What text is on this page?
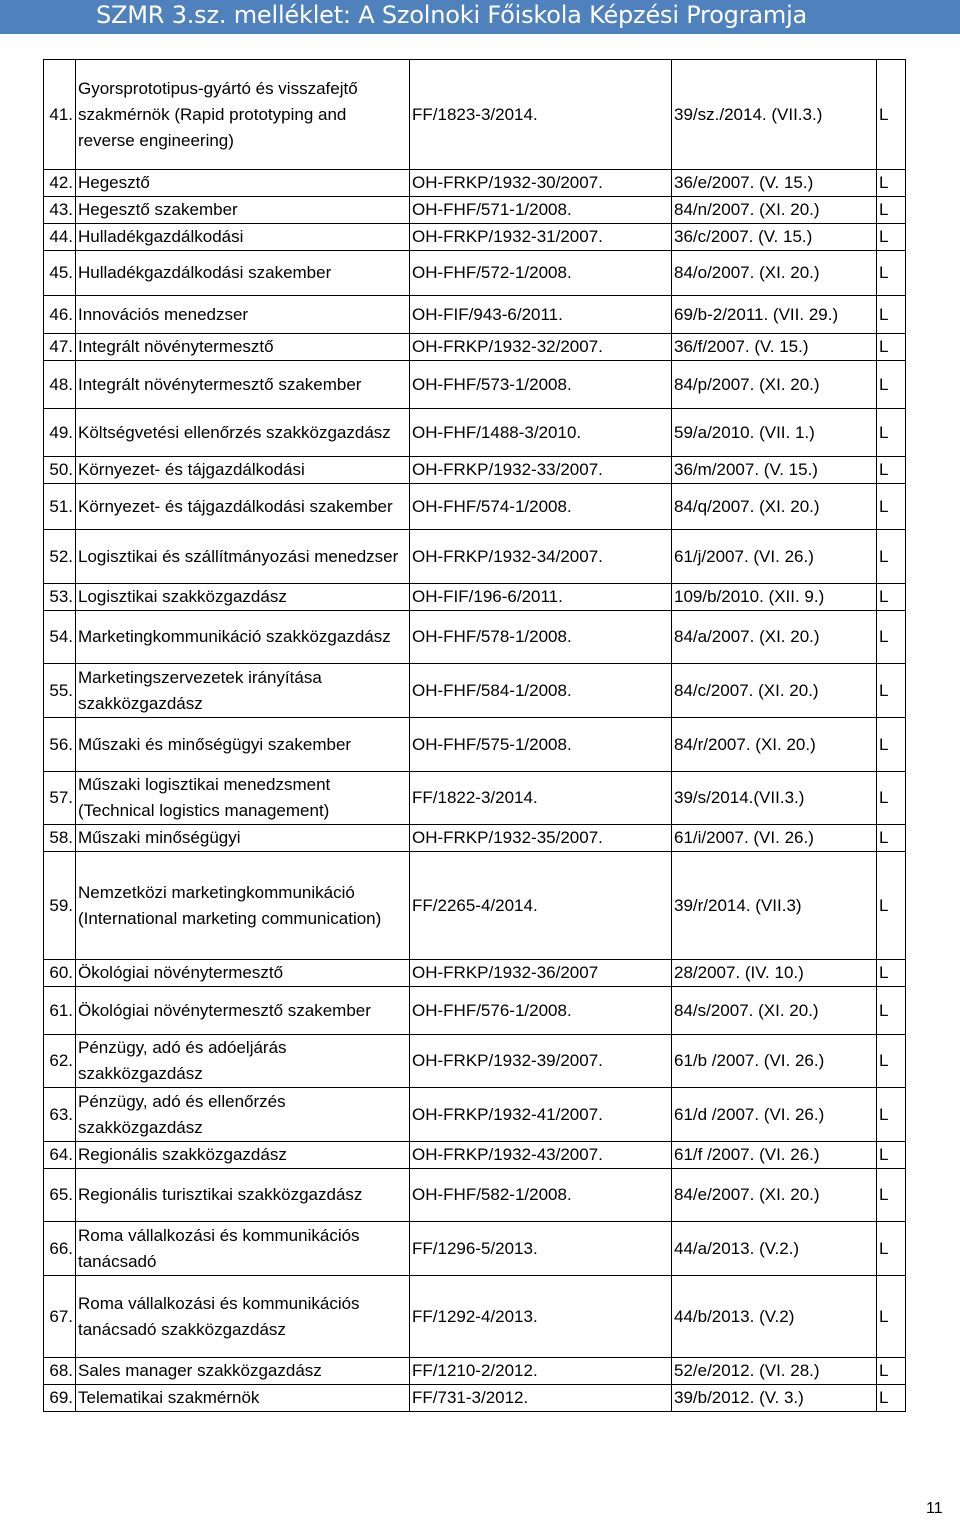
SZMR 3.sz. melléklet: A Szolnoki Főiskola Képzési Programja
41.	Gyorsprototipus-gyártó és visszafejtő szakmérnök (Rapid prototyping and reverse engineering)	FF/1823-3/2014.	39/sz./2014. (VII.3.)	L
42.	Hegesztő	OH-FRKP/1932-30/2007.	36/e/2007. (V. 15.)	L
43.	Hegesztő szakember	OH-FHF/571-1/2008.	84/n/2007. (XI. 20.)	L
44.	Hulladékgazdálkodási	OH-FRKP/1932-31/2007.	36/c/2007. (V. 15.)	L
45.	Hulladékgazdálkodási szakember	OH-FHF/572-1/2008.	84/o/2007. (XI. 20.)	L
46.	Innovációs menedzser	OH-FIF/943-6/2011.	69/b-2/2011. (VII. 29.)	L
47.	Integrált növénytermesztő	OH-FRKP/1932-32/2007.	36/f/2007. (V. 15.)	L
48.	Integrált növénytermesztő szakember	OH-FHF/573-1/2008.	84/p/2007. (XI. 20.)	L
49.	Költségvetési ellenőrzés szakközgazdász	OH-FHF/1488-3/2010.	59/a/2010. (VII. 1.)	L
50.	Környezet- és tájgazdálkodási	OH-FRKP/1932-33/2007.	36/m/2007. (V. 15.)	L
51.	Környezet- és tájgazdálkodási szakember	OH-FHF/574-1/2008.	84/q/2007. (XI. 20.)	L
52.	Logisztikai és szállítmányozási menedzser	OH-FRKP/1932-34/2007.	61/j/2007. (VI. 26.)	L
53.	Logisztikai szakközgazdász	OH-FIF/196-6/2011.	109/b/2010. (XII. 9.)	L
54.	Marketingkommunikáció szakközgazdász	OH-FHF/578-1/2008.	84/a/2007. (XI. 20.)	L
55.	Marketingszervezetek irányítása szakközgazdász	OH-FHF/584-1/2008.	84/c/2007. (XI. 20.)	L
56.	Műszaki és minőségügyi szakember	OH-FHF/575-1/2008.	84/r/2007. (XI. 20.)	L
57.	Műszaki logisztikai menedzsment (Technical logistics management)	FF/1822-3/2014.	39/s/2014.(VII.3.)	L
58.	Műszaki minőségügyi	OH-FRKP/1932-35/2007.	61/i/2007. (VI. 26.)	L
59.	Nemzetközi marketingkommunikáció (International marketing communication)	FF/2265-4/2014.	39/r/2014. (VII.3)	L
60.	Ökológiai növénytermesztő	OH-FRKP/1932-36/2007	28/2007. (IV. 10.)	L
61.	Ökológiai növénytermesztő szakember	OH-FHF/576-1/2008.	84/s/2007. (XI. 20.)	L
62.	Pénzügy, adó és adóeljárás szakközgazdász	OH-FRKP/1932-39/2007.	61/b /2007. (VI. 26.)	L
63.	Pénzügy, adó és ellenőrzés szakközgazdász	OH-FRKP/1932-41/2007.	61/d /2007. (VI. 26.)	L
64.	Regionális szakközgazdász	OH-FRKP/1932-43/2007.	61/f /2007. (VI. 26.)	L
65.	Regionális turisztikai szakközgazdász	OH-FHF/582-1/2008.	84/e/2007. (XI. 20.)	L
66.	Roma vállalkozási és kommunikációs tanácsadó	FF/1296-5/2013.	44/a/2013. (V.2.)	L
67.	Roma vállalkozási és kommunikációs tanácsadó szakközgazdász	FF/1292-4/2013.	44/b/2013. (V.2)	L
68.	Sales manager szakközgazdász	FF/1210-2/2012.	52/e/2012. (VI. 28.)	L
69.	Telematikai szakmérnök	FF/731-3/2012.	39/b/2012. (V. 3.)	L
11
